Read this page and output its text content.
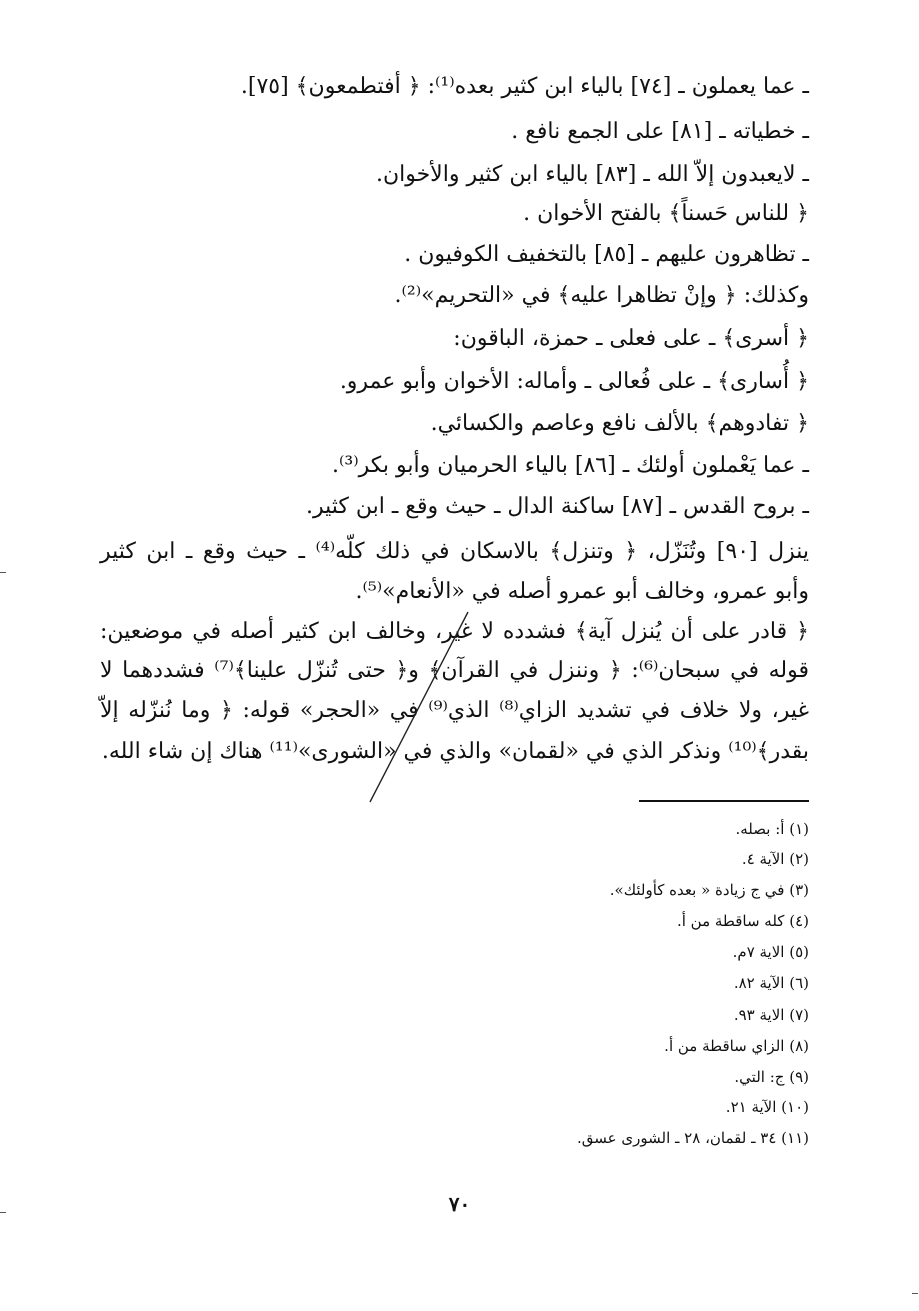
ـ عما يعملون ـ [٧٤] بالياء ابن كثير بعده⁽¹⁾: ﴿ أفتطمعون﴾ [٧٥].
ـ خطياته ـ [٨١] على الجمع نافع .
ـ لايعبدون إلاّ الله ـ [٨٣] بالياء ابن كثير والأخوان.
﴿ للناس حَسناً﴾ بالفتح الأخوان .
ـ تظاهرون عليهم ـ [٨٥] بالتخفيف الكوفيون .
وكذلك: ﴿ وإنْ تظاهرا عليه﴾ في «التحريم»⁽²⁾.
﴿ أسرى﴾ ـ على فعلى ـ حمزة، الباقون:
﴿ أُسارى﴾ ـ على فُعالى ـ وأماله: الأخوان وأبو عمرو.
﴿ تفادوهم﴾ بالألف نافع وعاصم والكسائي.
ـ عما يَعْملون أولئك ـ [٨٦] بالياء الحرميان وأبو بكر⁽³⁾.
ـ بروح القدس ـ [٨٧] ساكنة الدال ـ حيث وقع ـ ابن كثير.
ينزل [٩٠] وتُنَزّل، ﴿ وتنزل﴾ بالاسكان في ذلك كلّه⁽⁴⁾ ـ حيث وقع ـ ابن كثير
وأبو عمرو، وخالف أبو عمرو أصله في «الأنعام»⁽⁵⁾.
﴿ قادر على أن يُنزل آية﴾ فشدده لا غير، وخالف ابن كثير أصله في موضعين:
قوله في سبحان⁽⁶⁾: ﴿ وننزل في القرآن﴾ و﴿ حتى تُنزّل علينا﴾⁽⁷⁾ فشددهما لا
غير، ولا خلاف في تشديد الزاي⁽⁸⁾ الذي⁽⁹⁾ في «الحجر» قوله: ﴿ وما نُنزّله إلاّ
بقدر﴾⁽¹⁰⁾ ونذكر الذي في «لقمان» والذي في «الشورى»⁽¹¹⁾ هناك إن شاء الله.
(١) أ: بصله.
(٢) الآية ٤.
(٣) في ج زيادة « بعده كأولئك».
(٤) كله ساقطة من أ.
(٥) الاية ٧م.
(٦) الآية ٨٢.
(٧) الاية ٩٣.
(٨) الزاي ساقطة من أ.
(٩) ج: التي.
(١٠) الآية ٢١.
(١١) ٣٤ ـ لقمان، ٢٨ ـ الشورى عسق.
٧٠
